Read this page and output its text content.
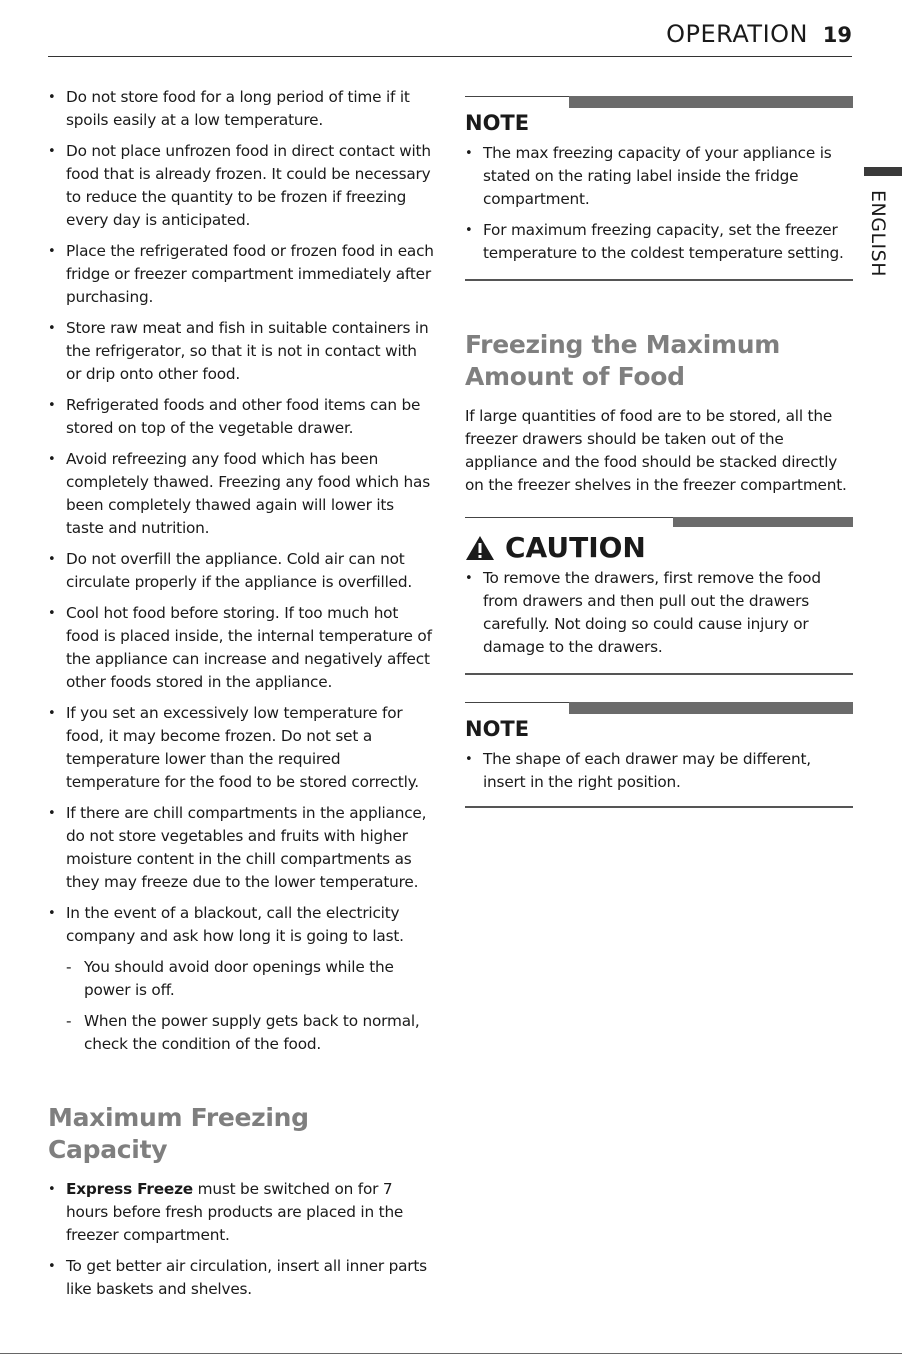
OPERATION 19
ENGLISH
• Do not store food for a long period of time if it spoils easily at a low temperature.
• Do not place unfrozen food in direct contact with food that is already frozen. It could be necessary to reduce the quantity to be frozen if freezing every day is anticipated.
• Place the refrigerated food or frozen food in each fridge or freezer compartment immediately after purchasing.
• Store raw meat and fish in suitable containers in the refrigerator, so that it is not in contact with or drip onto other food.
• Refrigerated foods and other food items can be stored on top of the vegetable drawer.
• Avoid refreezing any food which has been completely thawed. Freezing any food which has been completely thawed again will lower its taste and nutrition.
• Do not overfill the appliance. Cold air can not circulate properly if the appliance is overfilled.
• Cool hot food before storing. If too much hot food is placed inside, the internal temperature of the appliance can increase and negatively affect other foods stored in the appliance.
• If you set an excessively low temperature for food, it may become frozen. Do not set a temperature lower than the required temperature for the food to be stored correctly.
• If there are chill compartments in the appliance, do not store vegetables and fruits with higher moisture content in the chill compartments as they may freeze due to the lower temperature.
• In the event of a blackout, call the electricity company and ask how long it is going to last.
- You should avoid door openings while the power is off.
- When the power supply gets back to normal, check the condition of the food.
Maximum Freezing Capacity
• Express Freeze must be switched on for 7 hours before fresh products are placed in the freezer compartment.
• To get better air circulation, insert all inner parts like baskets and shelves.
NOTE
• The max freezing capacity of your appliance is stated on the rating label inside the fridge compartment.
• For maximum freezing capacity, set the freezer temperature to the coldest temperature setting.
Freezing the Maximum Amount of Food

If large quantities of food are to be stored, all the freezer drawers should be taken out of the appliance and the food should be stacked directly on the freezer shelves in the freezer compartment.

CAUTION
• To remove the drawers, first remove the food from drawers and then pull out the drawers carefully. Not doing so could cause injury or damage to the drawers.
NOTE
• The shape of each drawer may be different, insert in the right position.
